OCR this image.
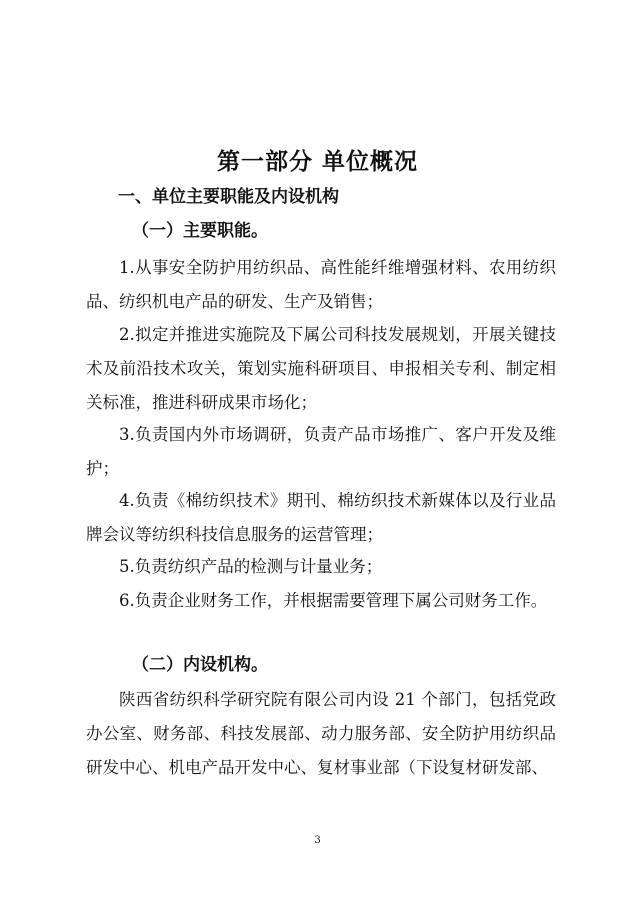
第一部分 单位概况
一、单位主要职能及内设机构
（一）主要职能。

1.从事安全防护用纺织品、高性能纤维增强材料、农用纺织品、纺织机电产品的研发、生产及销售；

2.拟定并推进实施院及下属公司科技发展规划，开展关键技术及前沿技术攻关，策划实施科研项目、申报相关专利、制定相关标准，推进科研成果市场化；

3.负责国内外市场调研，负责产品市场推广、客户开发及维护；

4.负责《棉纺织技术》期刊、棉纺织技术新媒体以及行业品牌会议等纺织科技信息服务的运营管理；

5.负责纺织产品的检测与计量业务；

6.负责企业财务工作，并根据需要管理下属公司财务工作。

（二）内设机构。

陕西省纺织科学研究院有限公司内设 21 个部门，包括党政办公室、财务部、科技发展部、动力服务部、安全防护用纺织品研发中心、机电产品开发中心、复材事业部（下设复材研发部、

3
